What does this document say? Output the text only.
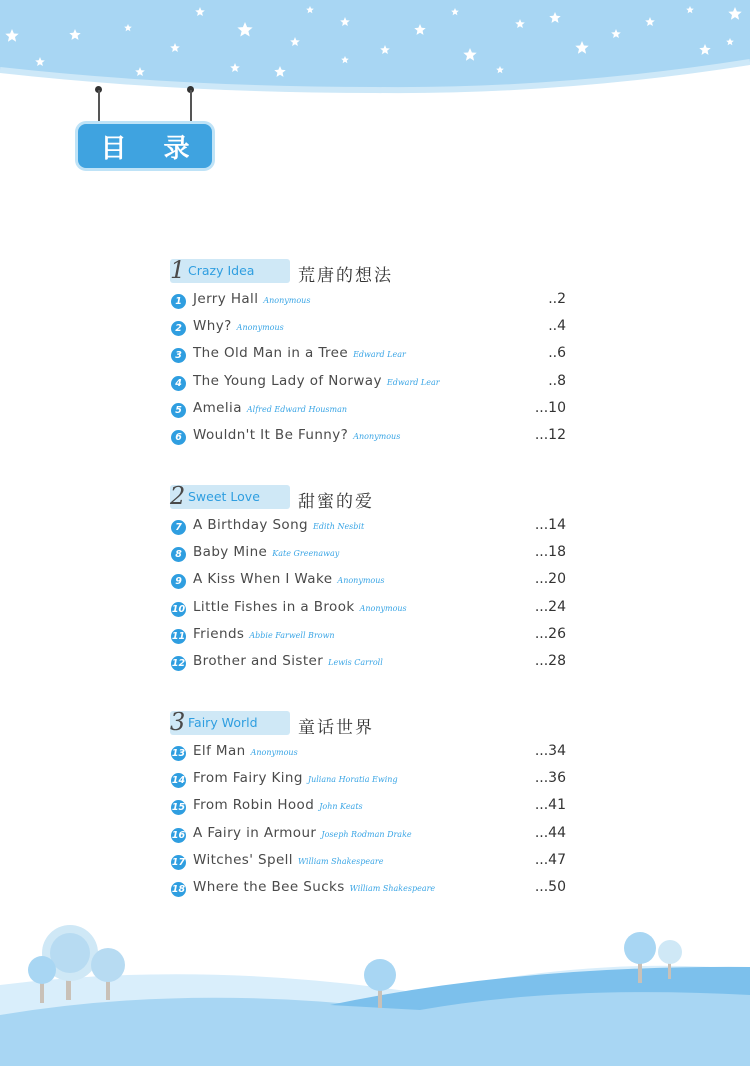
目 录
1 Crazy Idea	荒唐的想法
1 Jerry Hall Anonymous	..2
2 Why? Anonymous	..4
3 The Old Man in a Tree Edward Lear	..6
4 The Young Lady of Norway Edward Lear	..8
5 Amelia Alfred Edward Housman	...10
6 Wouldn't It Be Funny? Anonymous	...12
2 Sweet Love 甜蜜的爱
7 A Birthday Song Edith Nesbit	...14
8 Baby Mine Kate Greenaway	...18
9 A Kiss When I Wake Anonymous	...20
10 Little Fishes in a Brook Anonymous	...24
11 Friends Abbie Farwell Brown	...26
12 Brother and Sister Lewis Carroll	...28
3 Fairy World 童话世界
13 Elf Man Anonymous	...34
14 From Fairy King Juliana Horatia Ewing	...36
15 From Robin Hood John Keats	...41
16 A Fairy in Armour Joseph Rodman Drake	...44
17 Witches' Spell William Shakespeare	...47
18 Where the Bee Sucks William Shakespeare	...50
